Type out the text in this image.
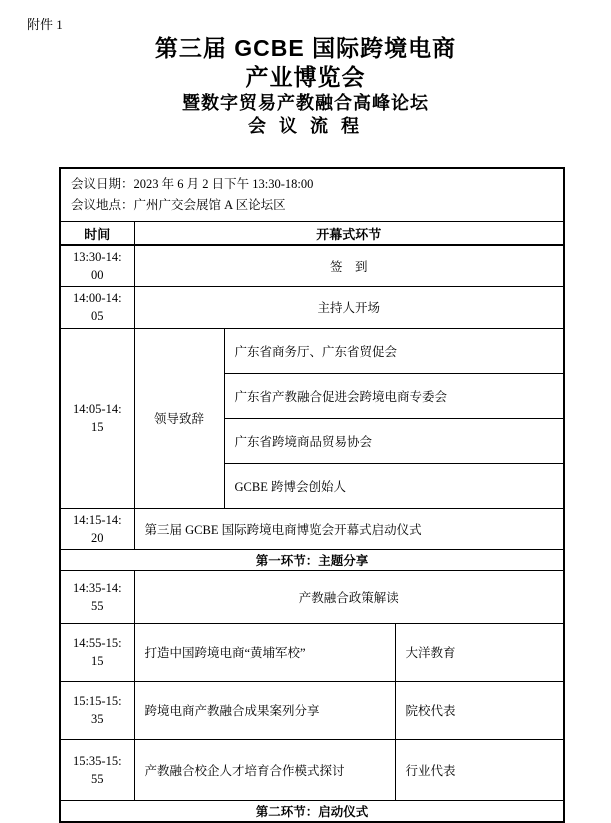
附件 1
第三届 GCBE 国际跨境电商
产业博览会
暨数字贸易产教融合高峰论坛
会 议 流 程
会议日期：2023 年 6 月 2 日下午 13:30-18:00
会议地点：广州广交会展馆 A 区论坛区			

时间	开幕式环节		
13:30-14:00	签　到		
14:00-14:05	主持人开场		
14:05-14:15	领导致辞	广东省商务厅、广东省贸促会	
		广东省产教融合促进会跨境电商专委会	
		广东省跨境商品贸易协会	
		GCBE 跨博会创始人	
14:15-14:20	第三届 GCBE 国际跨境电商博览会开幕式启动仪式		
第一环节：主题分享			
14:35-14:55	产教融合政策解读		
14:55-15:15	打造中国跨境电商“黄埔军校”		大洋教育
15:15-15:35	跨境电商产教融合成果案列分享		院校代表
15:35-15:55	产教融合校企人才培育合作模式探讨		行业代表
第二环节：启动仪式			
